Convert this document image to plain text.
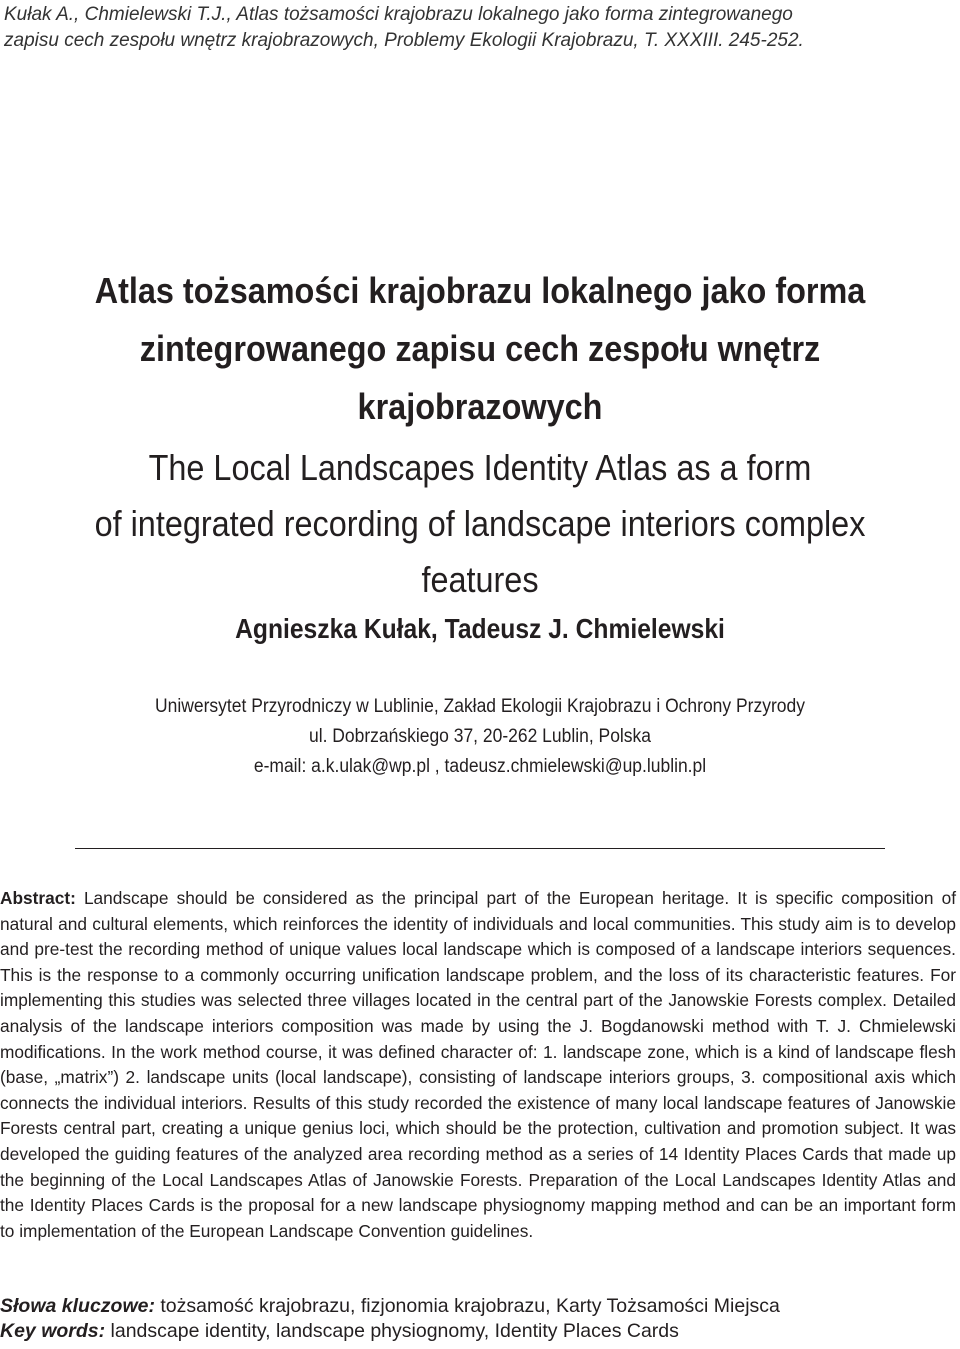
Kułak A., Chmielewski T.J., Atlas tożsamości krajobrazu lokalnego jako forma zintegrowanego
zapisu cech zespołu wnętrz krajobrazowych, Problemy Ekologii Krajobrazu, T. XXXIII. 245-252.
Atlas tożsamości krajobrazu lokalnego jako forma
zintegrowanego zapisu cech zespołu wnętrz krajobrazowych
The Local Landscapes Identity Atlas as a form
of integrated recording of landscape interiors complex features
Agnieszka Kułak, Tadeusz J. Chmielewski
Uniwersytet Przyrodniczy w Lublinie, Zakład Ekologii Krajobrazu i Ochrony Przyrody
ul. Dobrzańskiego 37, 20-262 Lublin, Polska
e-mail: a.k.ulak@wp.pl , tadeusz.chmielewski@up.lublin.pl
Abstract: Landscape should be considered as the principal part of the European heritage. It is specific composition of natural and cultural elements, which reinforces the identity of individuals and local communities. This study aim is to develop and pre-test the recording method of unique values local landscape which is composed of a landscape interiors sequences. This is the response to a commonly occurring unification landscape problem, and the loss of its characteristic features. For implementing this studies was selected three villages located in the central part of the Janowskie Forests complex. Detailed analysis of the landscape interiors composition was made by using the J. Bogdanowski method with T. J. Chmielewski modifications. In the work method course, it was defined character of: 1. landscape zone, which is a kind of landscape flesh (base, „matrix”) 2. landscape units (local landscape), consisting of landscape interiors groups, 3. compositional axis which connects the individual interiors. Results of this study recorded the existence of many local landscape features of Janowskie Forests central part, creating a unique genius loci, which should be the protection, cultivation and promotion subject. It was developed the guiding features of the analyzed area recording method as a series of 14 Identity Places Cards that made up the beginning of the Local Landscapes Atlas of Janowskie Forests. Preparation of the Local Landscapes Identity Atlas and the Identity Places Cards is the proposal for a new landscape physiognomy mapping method and can be an important form to implementation of the European Landscape Convention guidelines.
Słowa kluczowe: tożsamość krajobrazu, fizjonomia krajobrazu, Karty Tożsamości Miejsca
Key words: landscape identity, landscape physiognomy, Identity Places Cards
